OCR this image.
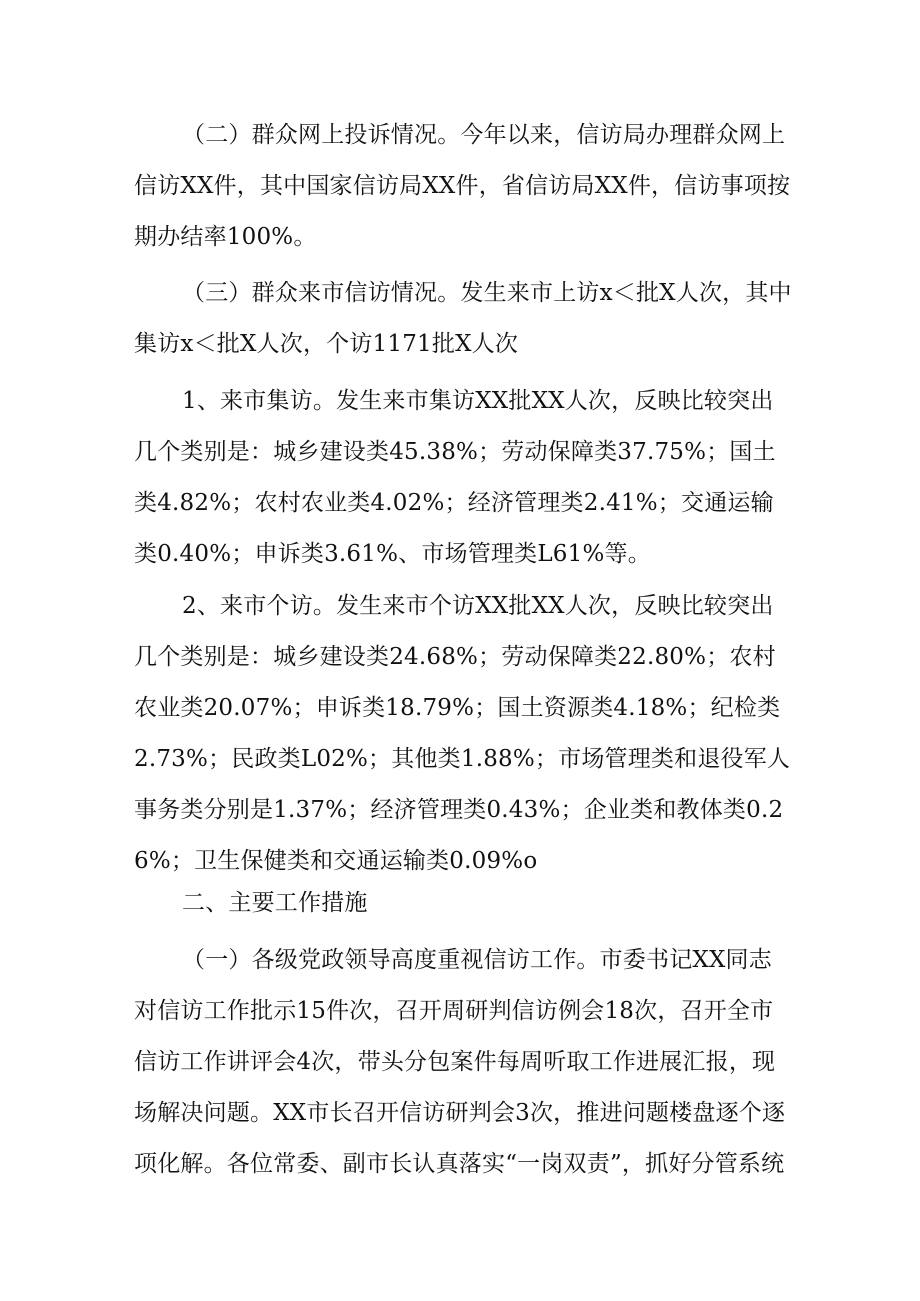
（二）群众网上投诉情况。今年以来，信访局办理群众网上信访XX件，其中国家信访局XX件，省信访局XX件，信访事项按期办结率100%。

（三）群众来市信访情况。发生来市上访x＜批X人次，其中集访x＜批X人次，个访1171批X人次

1、来市集访。发生来市集访XX批XX人次，反映比较突出几个类别是：城乡建设类45.38%；劳动保障类37.75%；国土类4.82%；农村农业类4.02%；经济管理类2.41%；交通运输类0.40%；申诉类3.61%、市场管理类L61%等。

2、来市个访。发生来市个访XX批XX人次，反映比较突出几个类别是：城乡建设类24.68%；劳动保障类22.80%；农村农业类20.07%；申诉类18.79%；国土资源类4.18%；纪检类2.73%；民政类L02%；其他类1.88%；市场管理类和退役军人事务类分别是1.37%；经济管理类0.43%；企业类和教体类0.26%；卫生保健类和交通运输类0.09%o

二、主要工作措施

（一）各级党政领导高度重视信访工作。市委书记XX同志对信访工作批示15件次，召开周研判信访例会18次，召开全市信访工作讲评会4次，带头分包案件每周听取工作进展汇报，现场解决问题。XX市长召开信访研判会3次，推进问题楼盘逐个逐项化解。各位常委、副市长认真落实“一岗双责”，抓好分管系统
